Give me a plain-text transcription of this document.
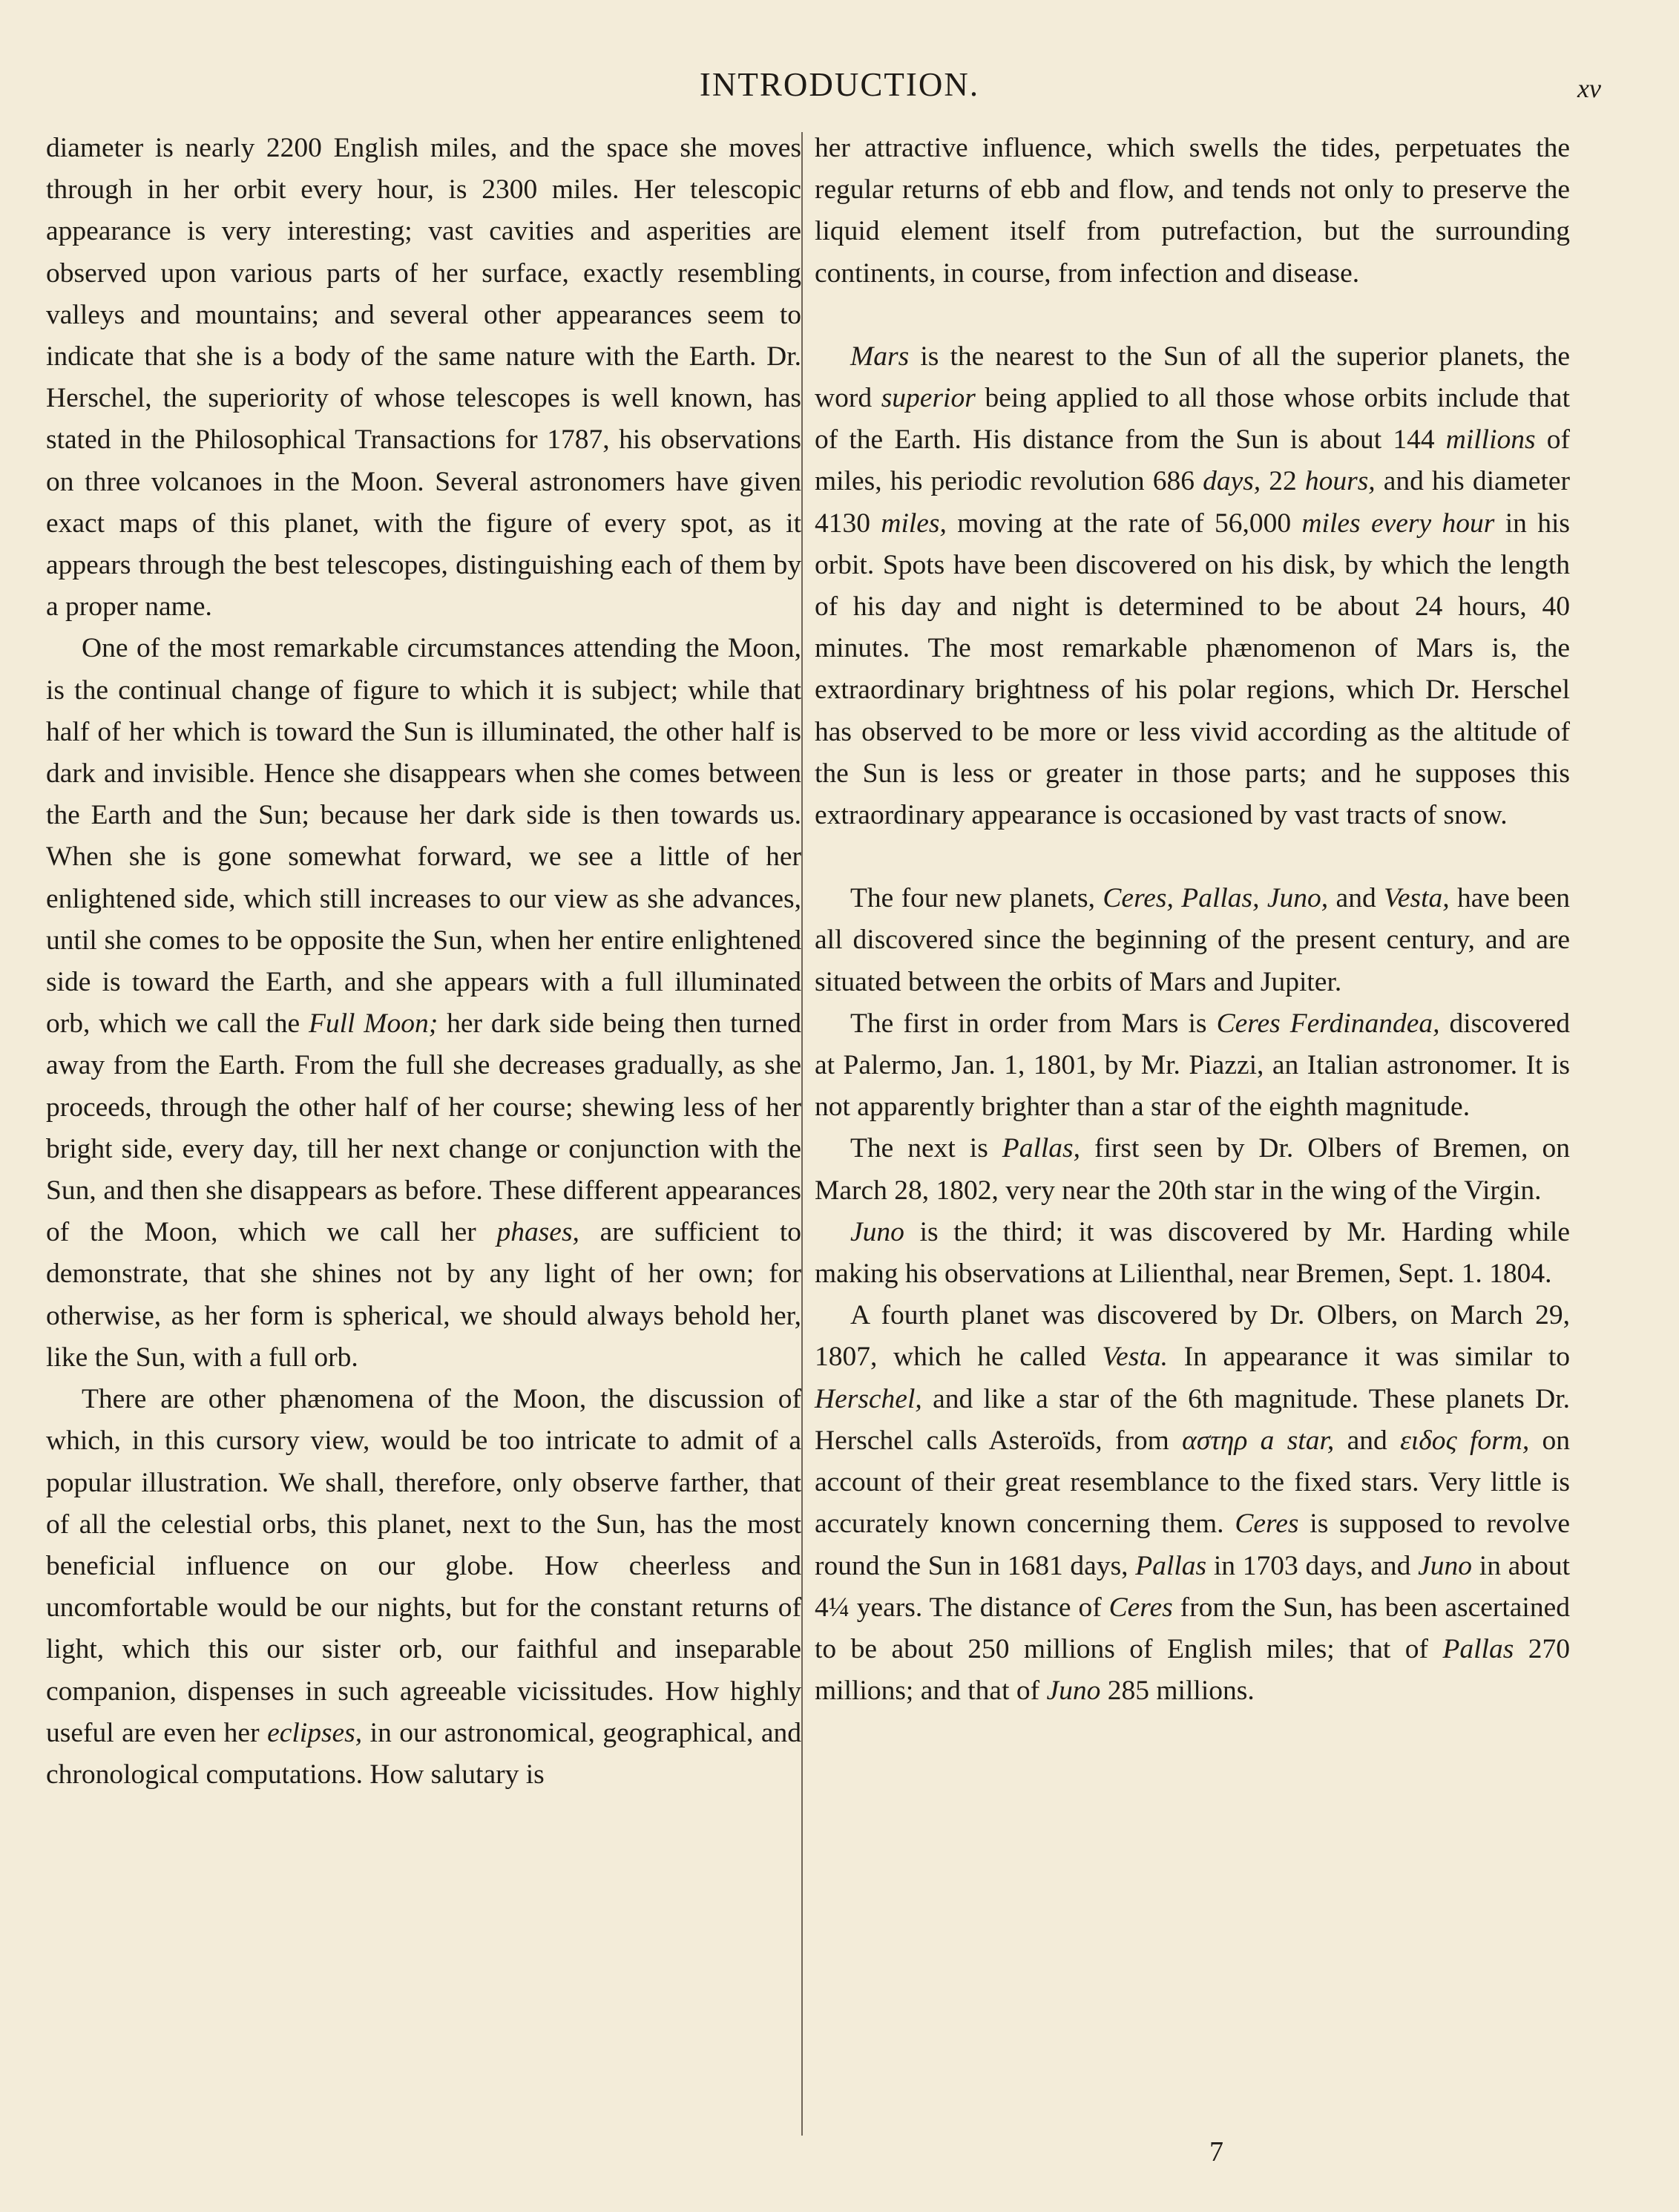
INTRODUCTION.	xv

diameter is nearly 2200 English miles, and the space she moves through in her orbit every hour, is 2300 miles. Her telescopic appearance is very interesting; vast cavities and asperities are observed upon various parts of her surface, exactly resembling valleys and mountains; and several other appearances seem to indicate that she is a body of the same nature with the Earth. Dr. Herschel, the superiority of whose telescopes is well known, has stated in the Philosophical Transactions for 1787, his observations on three volcanoes in the Moon. Several astronomers have given exact maps of this planet, with the figure of every spot, as it appears through the best telescopes, distinguishing each of them by a proper name.

One of the most remarkable circumstances attending the Moon, is the continual change of figure to which it is subject; while that half of her which is toward the Sun is illuminated, the other half is dark and invisible. Hence she disappears when she comes between the Earth and the Sun; because her dark side is then towards us. When she is gone somewhat forward, we see a little of her enlightened side, which still increases to our view as she advances, until she comes to be opposite the Sun, when her entire enlightened side is toward the Earth, and she appears with a full illuminated orb, which we call the Full Moon; her dark side being then turned away from the Earth. From the full she decreases gradually, as she proceeds, through the other half of her course; shewing less of her bright side, every day, till her next change or conjunction with the Sun, and then she disappears as before. These different appearances of the Moon, which we call her phases, are sufficient to demonstrate, that she shines not by any light of her own; for otherwise, as her form is spherical, we should always behold her, like the Sun, with a full orb.

There are other phænomena of the Moon, the discussion of which, in this cursory view, would be too intricate to admit of a popular illustration. We shall, therefore, only observe farther, that of all the celestial orbs, this planet, next to the Sun, has the most beneficial influence on our globe. How cheerless and uncomfortable would be our nights, but for the constant returns of light, which this our sister orb, our faithful and inseparable companion, dispenses in such agreeable vicissitudes. How highly useful are even her eclipses, in our astronomical, geographical, and chronological computations. How salutary is

her attractive influence, which swells the tides, perpetuates the regular returns of ebb and flow, and tends not only to preserve the liquid element itself from putrefaction, but the surrounding continents, in course, from infection and disease.

Mars is the nearest to the Sun of all the superior planets, the word superior being applied to all those whose orbits include that of the Earth. His distance from the Sun is about 144 millions of miles, his periodic revolution 686 days, 22 hours, and his diameter 4130 miles, moving at the rate of 56,000 miles every hour in his orbit. Spots have been discovered on his disk, by which the length of his day and night is determined to be about 24 hours, 40 minutes. The most remarkable phænomenon of Mars is, the extraordinary brightness of his polar regions, which Dr. Herschel has observed to be more or less vivid according as the altitude of the Sun is less or greater in those parts; and he supposes this extraordinary appearance is occasioned by vast tracts of snow.

The four new planets, Ceres, Pallas, Juno, and Vesta, have been all discovered since the beginning of the present century, and are situated between the orbits of Mars and Jupiter.

The first in order from Mars is Ceres Ferdinandea, discovered at Palermo, Jan. 1, 1801, by Mr. Piazzi, an Italian astronomer. It is not apparently brighter than a star of the eighth magnitude.

The next is Pallas, first seen by Dr. Olbers of Bremen, on March 28, 1802, very near the 20th star in the wing of the Virgin.

Juno is the third; it was discovered by Mr. Harding while making his observations at Lilienthal, near Bremen, Sept. 1. 1804.

A fourth planet was discovered by Dr. Olbers, on March 29, 1807, which he called Vesta. In appearance it was similar to Herschel, and like a star of the 6th magnitude. These planets Dr. Herschel calls Asteroïds, from αστηρ a star, and ειδος form, on account of their great resemblance to the fixed stars. Very little is accurately known concerning them. Ceres is supposed to revolve round the Sun in 1681 days, Pallas in 1703 days, and Juno in about 4¼ years. The distance of Ceres from the Sun, has been ascertained to be about 250 millions of English miles; that of Pallas 270 millions; and that of Juno 285 millions.

7
